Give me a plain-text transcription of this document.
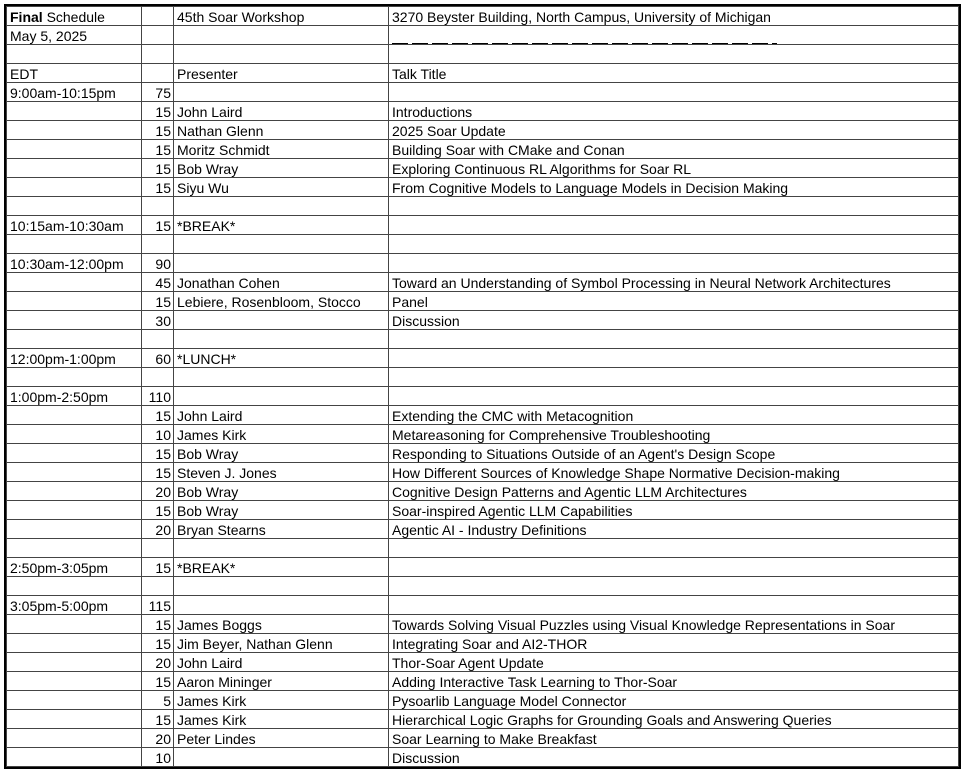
Final Schedule		45th Soar Workshop	3270 Beyster Building, North Campus, University of Michigan
May 5, 2025			

EDT		Presenter	Talk Title
9:00am-10:15pm	75		
	15	John Laird	Introductions
	15	Nathan Glenn	2025 Soar Update
	15	Moritz Schmidt	Building Soar with CMake and Conan
	15	Bob Wray	Exploring Continuous RL Algorithms for Soar RL
	15	Siyu Wu	From Cognitive Models to Language Models in Decision Making

10:15am-10:30am	15	*BREAK*	

10:30am-12:00pm	90		
	45	Jonathan Cohen	Toward an Understanding of Symbol Processing in Neural Network Architectures
	15	Lebiere, Rosenbloom, Stocco	Panel
	30		Discussion

12:00pm-1:00pm	60	*LUNCH*	

1:00pm-2:50pm	110		
	15	John Laird	Extending the CMC with Metacognition
	10	James Kirk	Metareasoning for Comprehensive Troubleshooting
	15	Bob Wray	Responding to Situations Outside of an Agent's Design Scope
	15	Steven J. Jones	How Different Sources of Knowledge Shape Normative Decision-making
	20	Bob Wray	Cognitive Design Patterns and Agentic LLM Architectures
	15	Bob Wray	Soar-inspired Agentic LLM Capabilities
	20	Bryan Stearns	Agentic AI - Industry Definitions

2:50pm-3:05pm	15	*BREAK*	

3:05pm-5:00pm	115		
	15	James Boggs	Towards Solving Visual Puzzles using Visual Knowledge Representations in Soar
	15	Jim Beyer, Nathan Glenn	Integrating Soar and AI2-THOR
	20	John Laird	Thor-Soar Agent Update
	15	Aaron Mininger	Adding Interactive Task Learning to Thor-Soar
	5	James Kirk	Pysoarlib Language Model Connector
	15	James Kirk	Hierarchical Logic Graphs for Grounding Goals and Answering Queries
	20	Peter Lindes	Soar Learning to Make Breakfast
	10		Discussion
